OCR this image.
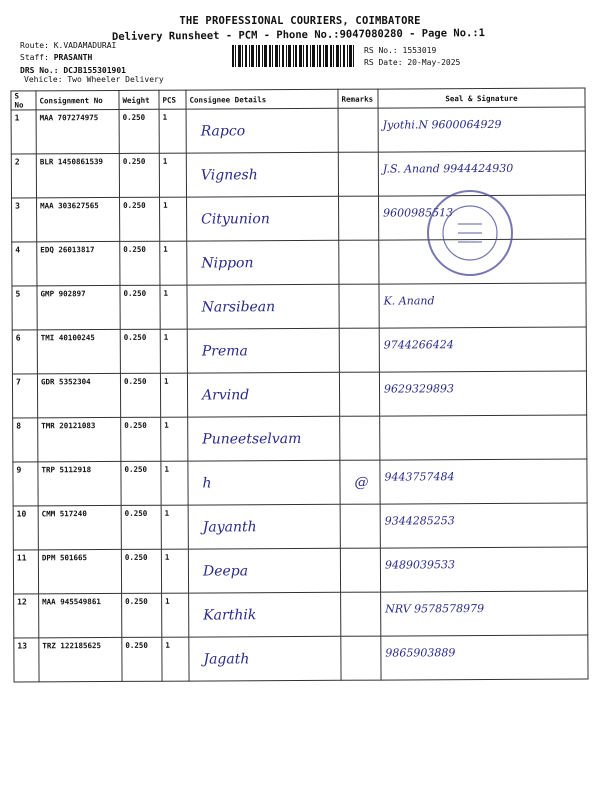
THE PROFESSIONAL COURIERS, COIMBATORE
Delivery Runsheet - PCM - Phone No.:9047080280 - Page No.:1
Route: K.VADAMADURAI
Staff: PRASANTH
DRS No.: DCJB155301901
Vehicle: Two Wheeler Delivery
RS No.: 1553019
RS Date: 20-May-2025
S No	Consignment No	Weight	PCS	Consignee Details	Remarks	Seal & Signature
1	MAA 707274975	0.250	1	Rapco		Jyothi.N 9600064929

2	BLR 1450861539	0.250	1	Vignesh		J.S. Anand 9944424930

3	MAA 303627565	0.250	1	Cityunion		9600985513

4	EDQ 26013817	0.250	1	Nippon		

5	GMP 902897	0.250	1	Narsibean		K. Anand

6	TMI 40100245	0.250	1	Prema		9744266424

7	GDR 5352304	0.250	1	Arvind		9629329893

8	TMR 20121083	0.250	1	Puneetselvam		

9	TRP 5112918	0.250	1	h	@	9443757484

10	CMM 517240	0.250	1	Jayanth		9344285253

11	DPM 501665	0.250	1	Deepa		9489039533

12	MAA 945549861	0.250	1	Karthik		NRV 9578578979

13	TRZ 122185625	0.250	1	Jagath		9865903889
